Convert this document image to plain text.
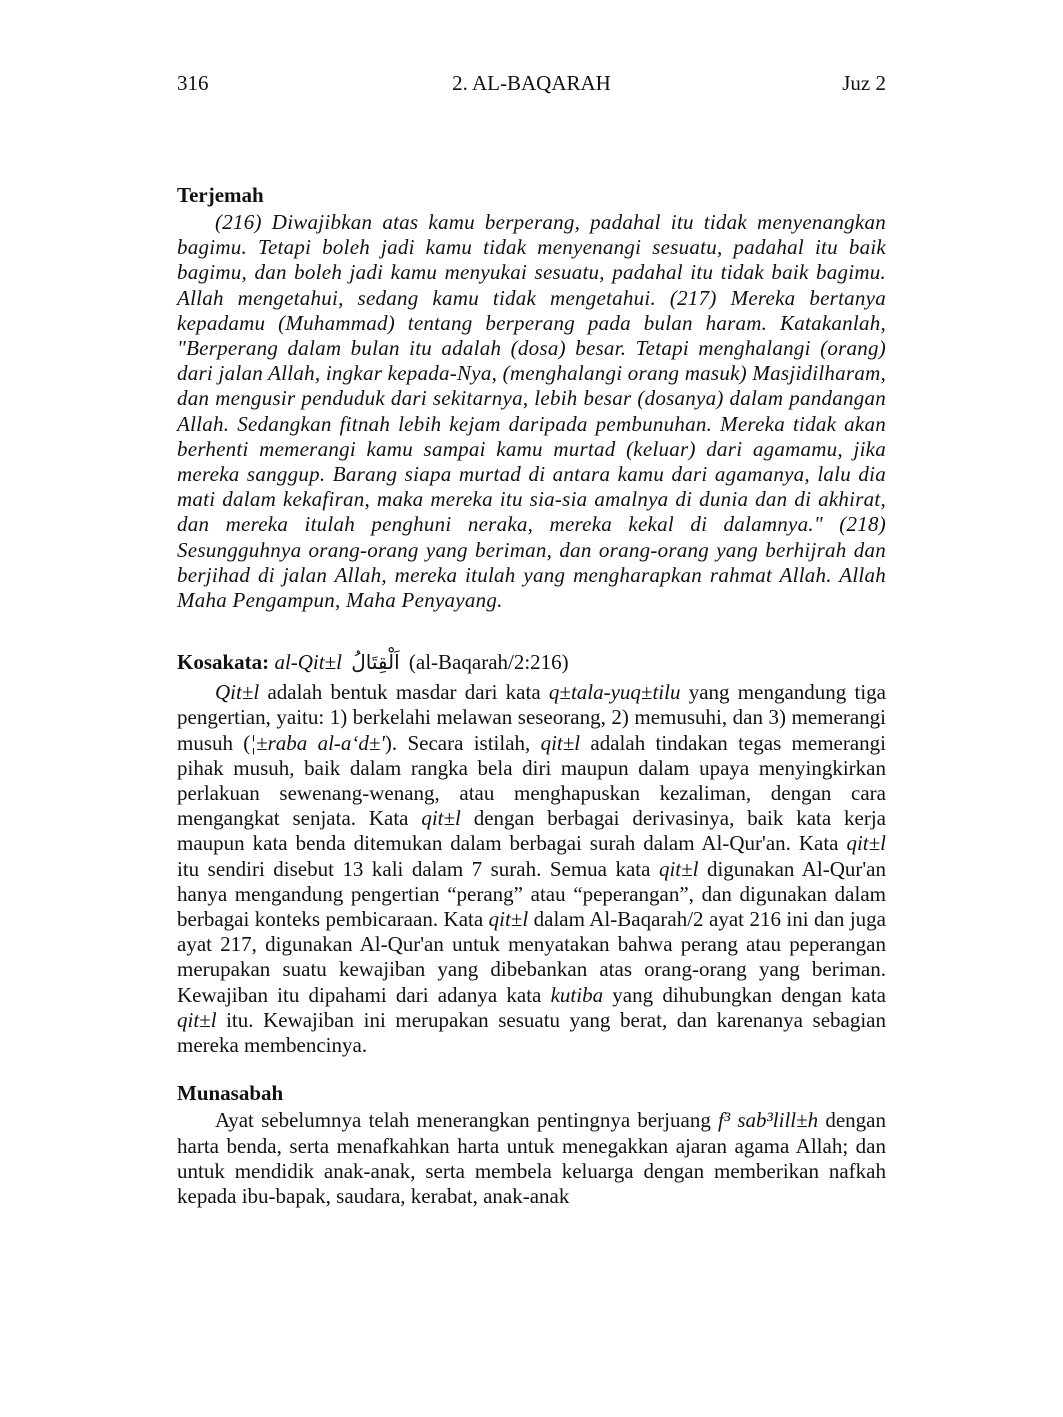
316	2. AL-BAQARAH	Juz 2
Terjemah

(216) Diwajibkan atas kamu berperang, padahal itu tidak menyenangkan bagimu. Tetapi boleh jadi kamu tidak menyenangi sesuatu, padahal itu baik bagimu, dan boleh jadi kamu menyukai sesuatu, padahal itu tidak baik bagimu. Allah mengetahui, sedang kamu tidak mengetahui. (217) Mereka bertanya kepadamu (Muhammad) tentang berperang pada bulan haram. Katakanlah, "Berperang dalam bulan itu adalah (dosa) besar. Tetapi menghalangi (orang) dari jalan Allah, ingkar kepada-Nya, (menghalangi orang masuk) Masjidilharam, dan mengusir penduduk dari sekitarnya, lebih besar (dosanya) dalam pandangan Allah. Sedangkan fitnah lebih kejam daripada pembunuhan. Mereka tidak akan berhenti memerangi kamu sampai kamu murtad (keluar) dari agamamu, jika mereka sanggup. Barang siapa murtad di antara kamu dari agamanya, lalu dia mati dalam kekafiran, maka mereka itu sia-sia amalnya di dunia dan di akhirat, dan mereka itulah penghuni neraka, mereka kekal di dalamnya." (218) Sesungguhnya orang-orang yang beriman, dan orang-orang yang berhijrah dan berjihad di jalan Allah, mereka itulah yang mengharapkan rahmat Allah. Allah Maha Pengampun, Maha Penyayang.

Kosakata: al-Qit±l اَلْقِتَالُ (al-Baqarah/2:216)

Qit±l adalah bentuk masdar dari kata q±tala-yuq±tilu yang mengandung tiga pengertian, yaitu: 1) berkelahi melawan seseorang, 2) memusuhi, dan 3) memerangi musuh (¦±raba al-a‘d±'). Secara istilah, qit±l adalah tindakan tegas memerangi pihak musuh, baik dalam rangka bela diri maupun dalam upaya menyingkirkan perlakuan sewenang-wenang, atau menghapuskan kezaliman, dengan cara mengangkat senjata. Kata qit±l dengan berbagai derivasinya, baik kata kerja maupun kata benda ditemukan dalam berbagai surah dalam Al-Qur'an. Kata qit±l itu sendiri disebut 13 kali dalam 7 surah. Semua kata qit±l digunakan Al-Qur'an hanya mengandung pengertian “perang” atau “peperangan”, dan digunakan dalam berbagai konteks pembicaraan. Kata qit±l dalam Al-Baqarah/2 ayat 216 ini dan juga ayat 217, digunakan Al-Qur'an untuk menyatakan bahwa perang atau peperangan merupakan suatu kewajiban yang dibebankan atas orang-orang yang beriman. Kewajiban itu dipahami dari adanya kata kutiba yang dihubungkan dengan kata qit±l itu. Kewajiban ini merupakan sesuatu yang berat, dan karenanya sebagian mereka membencinya.

Munasabah

Ayat sebelumnya telah menerangkan pentingnya berjuang f³ sab³lill±h dengan harta benda, serta menafkahkan harta untuk menegakkan ajaran agama Allah; dan untuk mendidik anak-anak, serta membela keluarga dengan memberikan nafkah kepada ibu-bapak, saudara, kerabat, anak-anak
